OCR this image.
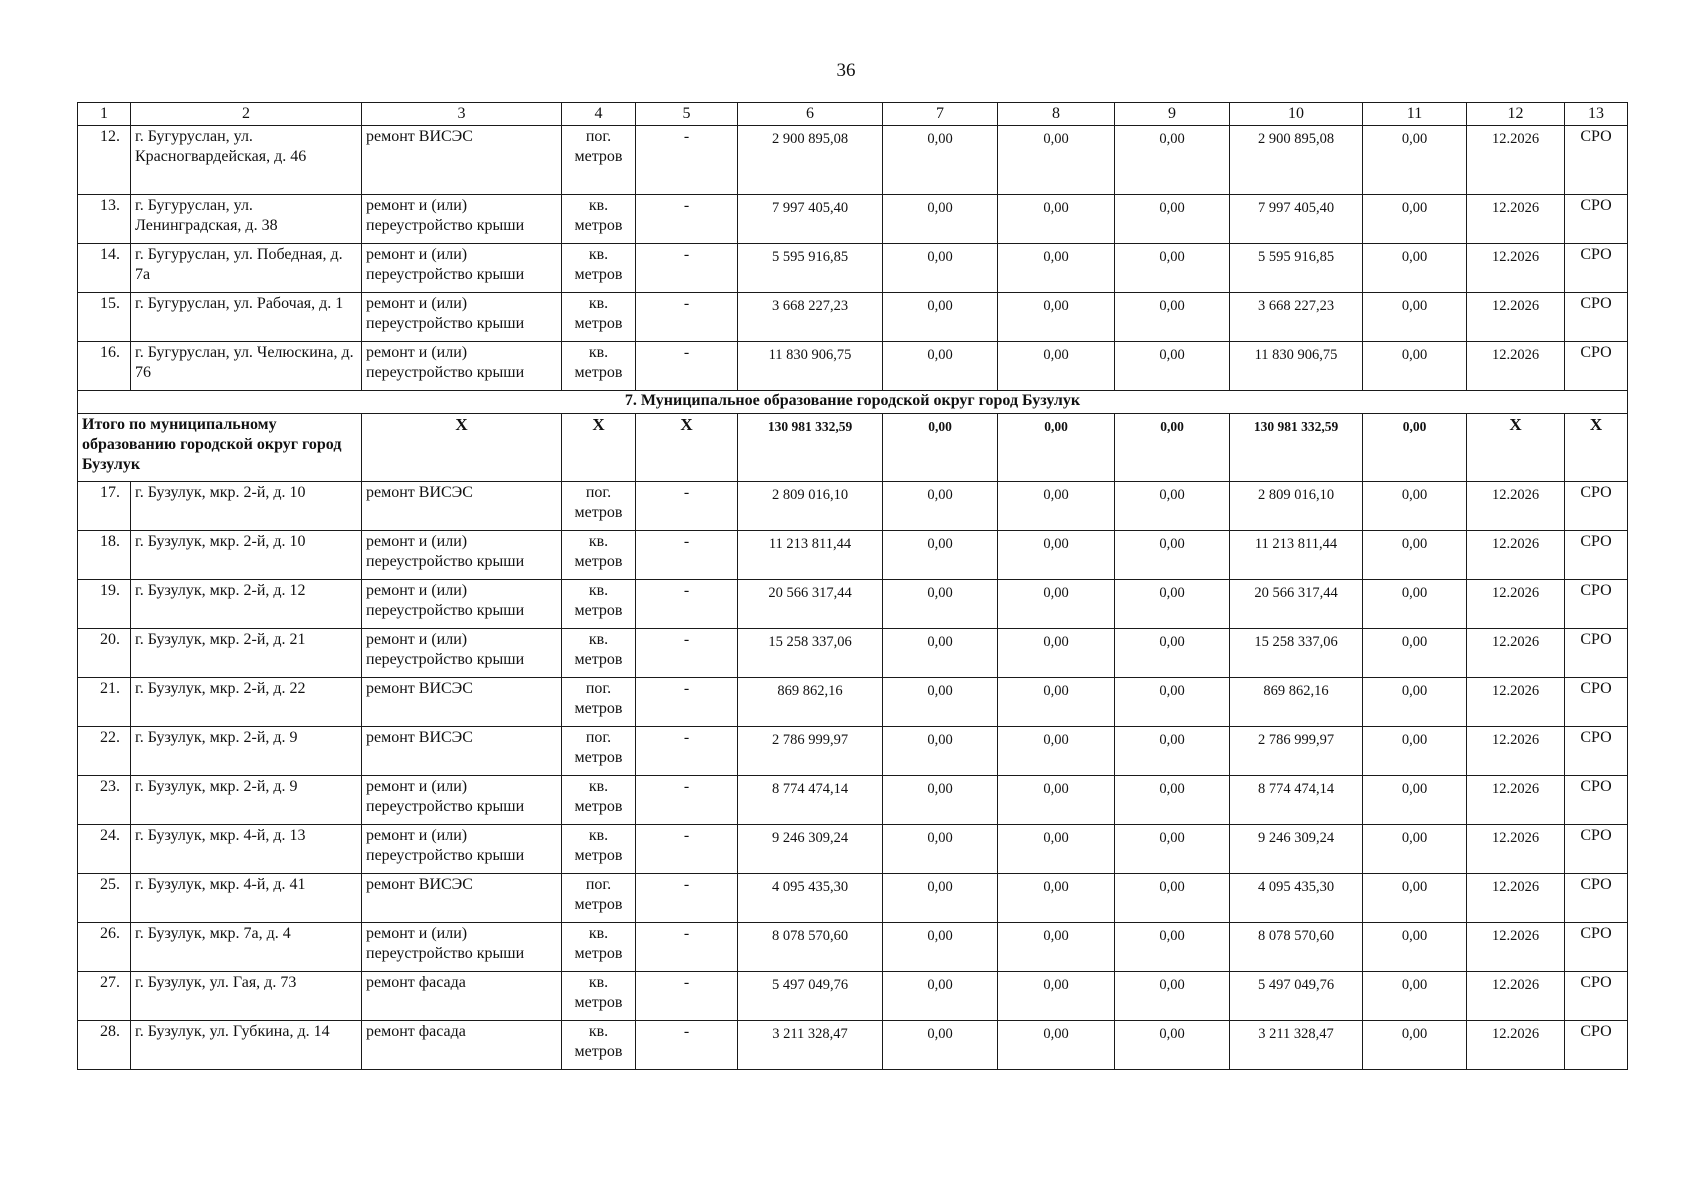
36
1	2	3	4	5	6	7	8	9	10	11	12	13
12.	г. Бугуруслан, ул. Красногвардейская, д. 46	ремонт ВИСЭС	пог. метров	-	2 900 895,08	0,00	0,00	0,00	2 900 895,08	0,00	12.2026	СРО
13.	г. Бугуруслан, ул. Ленинградская, д. 38	ремонт и (или) переустройство крыши	кв. метров	-	7 997 405,40	0,00	0,00	0,00	7 997 405,40	0,00	12.2026	СРО
14.	г. Бугуруслан, ул. Победная, д. 7а	ремонт и (или) переустройство крыши	кв. метров	-	5 595 916,85	0,00	0,00	0,00	5 595 916,85	0,00	12.2026	СРО
15.	г. Бугуруслан, ул. Рабочая, д. 1	ремонт и (или) переустройство крыши	кв. метров	-	3 668 227,23	0,00	0,00	0,00	3 668 227,23	0,00	12.2026	СРО
16.	г. Бугуруслан, ул. Челюскина, д. 76	ремонт и (или) переустройство крыши	кв. метров	-	11 830 906,75	0,00	0,00	0,00	11 830 906,75	0,00	12.2026	СРО
7. Муниципальное образование городской округ город Бузулук												
Итого по муниципальному образованию городской округ город Бузулук		X	X	X	130 981 332,59	0,00	0,00	0,00	130 981 332,59	0,00	X	X
17.	г. Бузулук, мкр. 2-й, д. 10	ремонт ВИСЭС	пог. метров	-	2 809 016,10	0,00	0,00	0,00	2 809 016,10	0,00	12.2026	СРО
18.	г. Бузулук, мкр. 2-й, д. 10	ремонт и (или) переустройство крыши	кв. метров	-	11 213 811,44	0,00	0,00	0,00	11 213 811,44	0,00	12.2026	СРО
19.	г. Бузулук, мкр. 2-й, д. 12	ремонт и (или) переустройство крыши	кв. метров	-	20 566 317,44	0,00	0,00	0,00	20 566 317,44	0,00	12.2026	СРО
20.	г. Бузулук, мкр. 2-й, д. 21	ремонт и (или) переустройство крыши	кв. метров	-	15 258 337,06	0,00	0,00	0,00	15 258 337,06	0,00	12.2026	СРО
21.	г. Бузулук, мкр. 2-й, д. 22	ремонт ВИСЭС	пог. метров	-	869 862,16	0,00	0,00	0,00	869 862,16	0,00	12.2026	СРО
22.	г. Бузулук, мкр. 2-й, д. 9	ремонт ВИСЭС	пог. метров	-	2 786 999,97	0,00	0,00	0,00	2 786 999,97	0,00	12.2026	СРО
23.	г. Бузулук, мкр. 2-й, д. 9	ремонт и (или) переустройство крыши	кв. метров	-	8 774 474,14	0,00	0,00	0,00	8 774 474,14	0,00	12.2026	СРО
24.	г. Бузулук, мкр. 4-й, д. 13	ремонт и (или) переустройство крыши	кв. метров	-	9 246 309,24	0,00	0,00	0,00	9 246 309,24	0,00	12.2026	СРО
25.	г. Бузулук, мкр. 4-й, д. 41	ремонт ВИСЭС	пог. метров	-	4 095 435,30	0,00	0,00	0,00	4 095 435,30	0,00	12.2026	СРО
26.	г. Бузулук, мкр. 7а, д. 4	ремонт и (или) переустройство крыши	кв. метров	-	8 078 570,60	0,00	0,00	0,00	8 078 570,60	0,00	12.2026	СРО
27.	г. Бузулук, ул. Гая, д. 73	ремонт фасада	кв. метров	-	5 497 049,76	0,00	0,00	0,00	5 497 049,76	0,00	12.2026	СРО
28.	г. Бузулук, ул. Губкина, д. 14	ремонт фасада	кв. метров	-	3 211 328,47	0,00	0,00	0,00	3 211 328,47	0,00	12.2026	СРО
